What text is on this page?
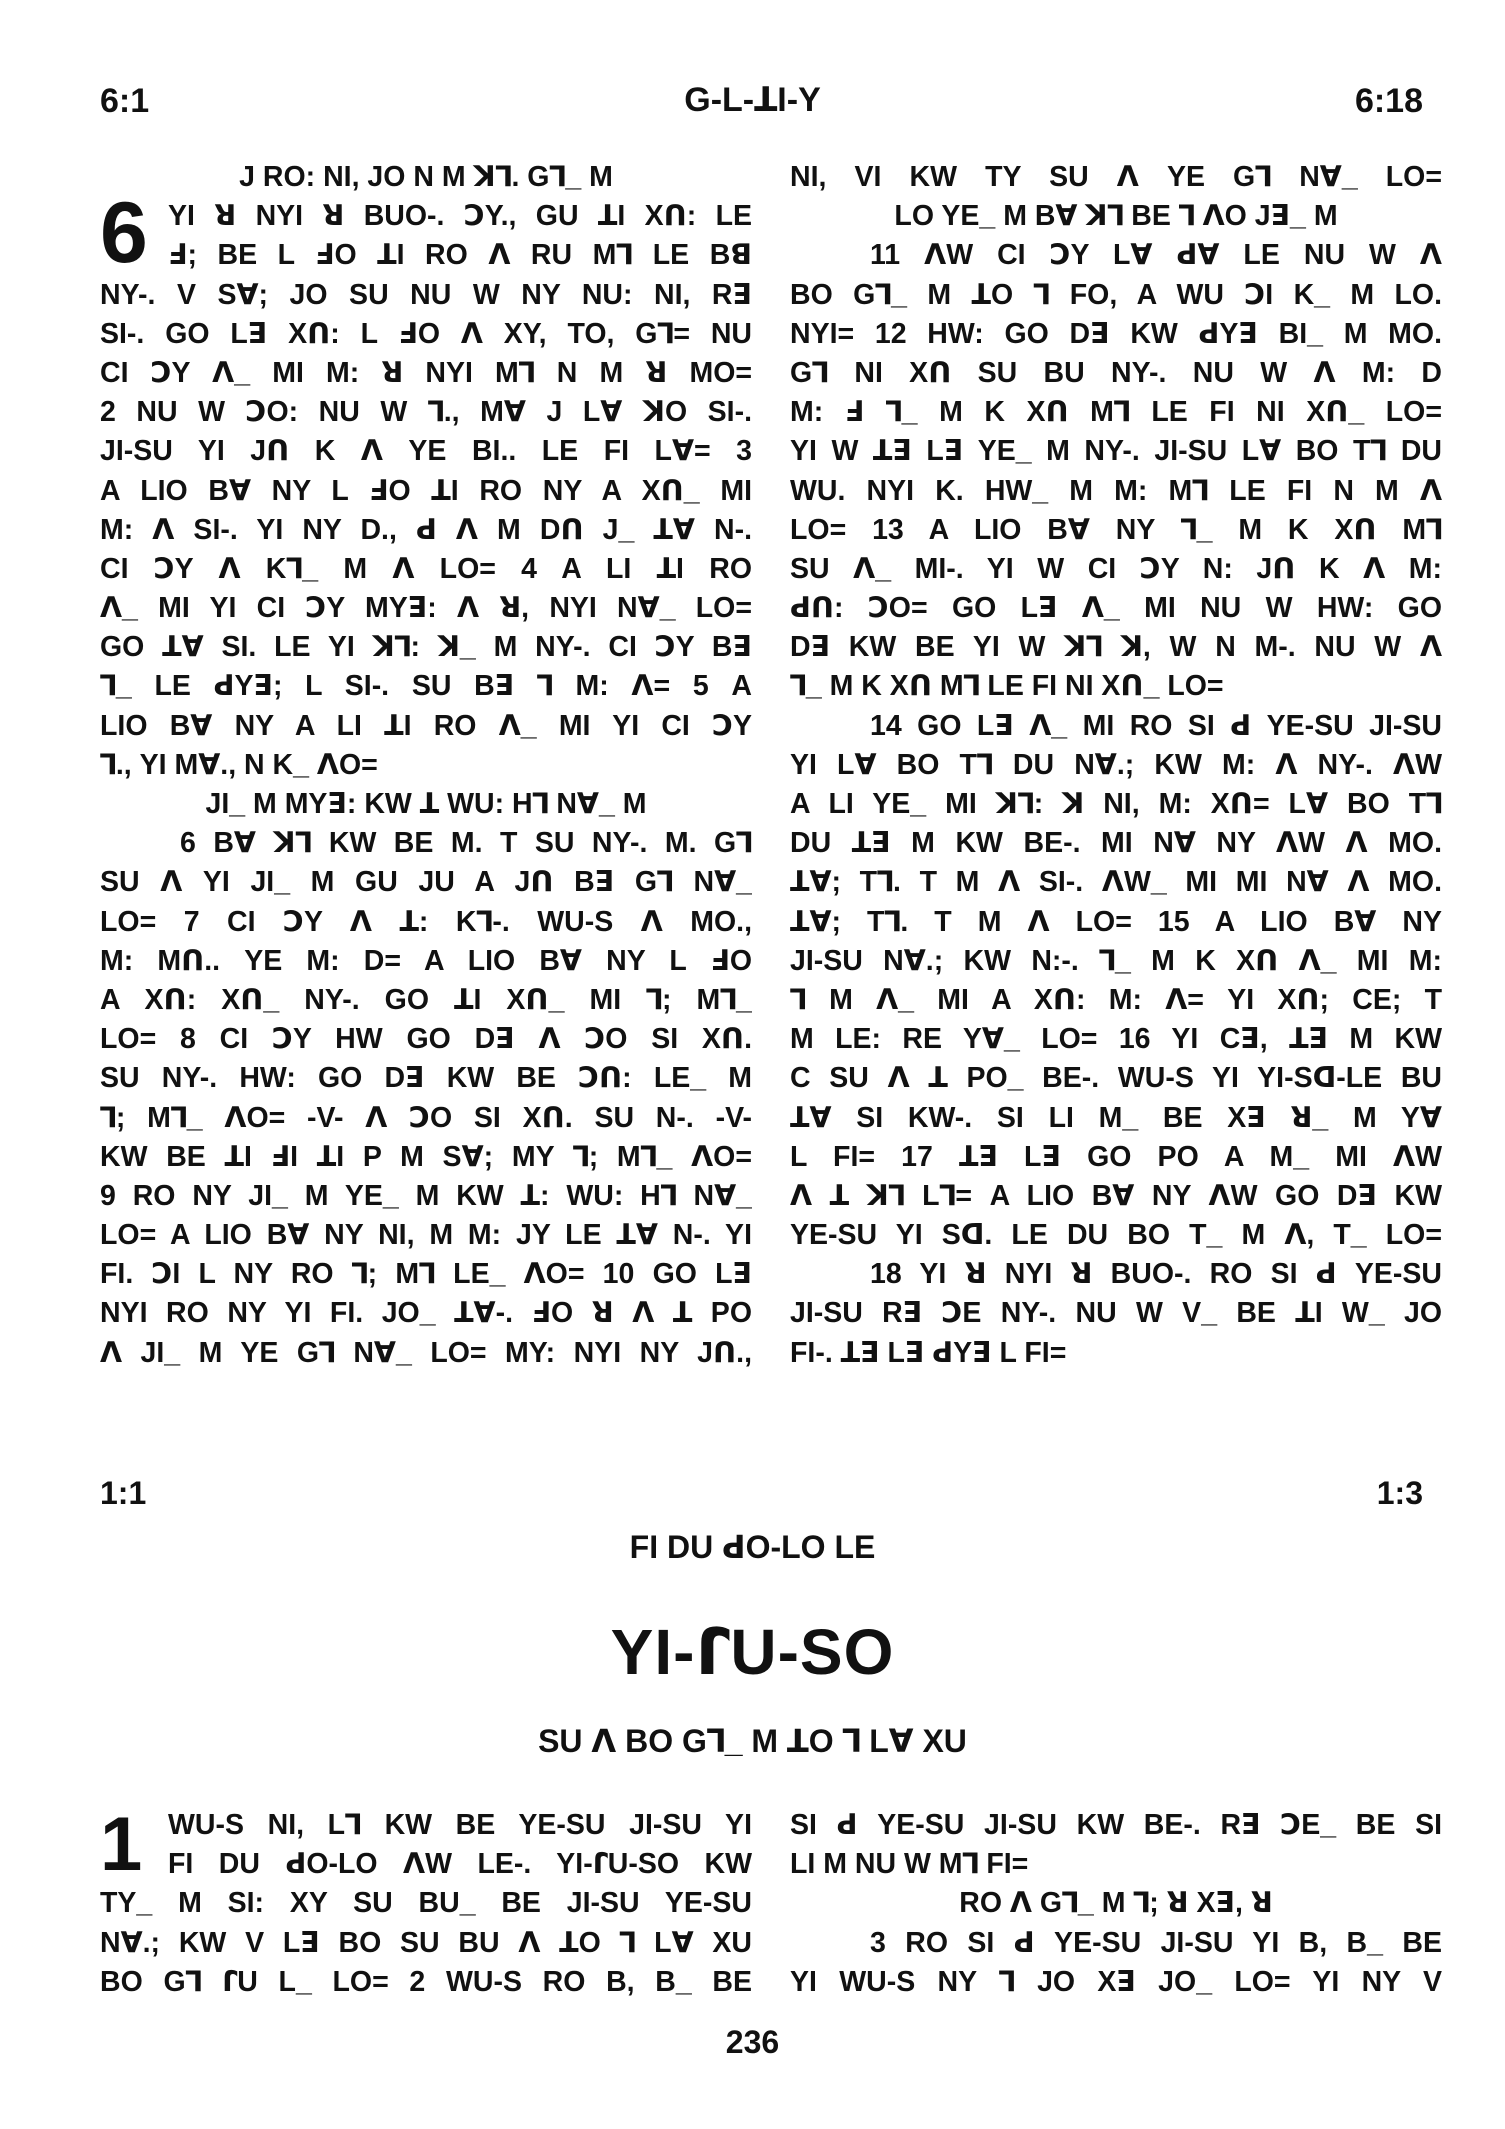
6:1	G-L-ꓕI-Y	6:18
6
J RO: NI, JO N M ꓘꓶ. Gꓶ_ M
YI ꓤ NYI ꓤ BUO-. ꓛY., GU ꓕI Xꓵ: LE
ꓞ; BE L ꓞO ꓕI RO ꓥ RU Mꓶ LE Bꓭ
NY-. V Sꓯ; JO SU NU W NY NU: NI, Rꓱ
SI-. GO Lꓱ Xꓵ: L ꓞO ꓥ XY, TO, Gꓶ= NU
CI ꓛY ꓥ_ MI M: ꓤ NYI Mꓶ N M ꓤ MO=
2 NU W ꓛO: NU W ꓶ., Mꓯ J Lꓯ ꓘO SI-.
JI-SU YI Jꓵ K ꓥ YE BI.. LE FI Lꓯ= 3
A LIO Bꓯ NY L ꓞO ꓕI RO NY A Xꓵ_ MI
M: ꓥ SI-. YI NY D., ꓒ ꓥ M Dꓵ J_ ꓕꓯ N-.
CI ꓛY ꓥ Kꓶ_ M ꓥ LO= 4 A LI ꓕI RO
ꓥ_ MI YI CI ꓛY MYꓱ: ꓥ ꓤ, NYI Nꓯ_ LO=
GO ꓕꓯ SI. LE YI ꓘꓶ: ꓘ_ M NY-. CI ꓛY Bꓱ
ꓶ_ LE ꓒYꓱ; L SI-. SU Bꓱ ꓶ M: ꓥ= 5 A
LIO Bꓯ NY A LI ꓕI RO ꓥ_ MI YI CI ꓛY
ꓶ., YI Mꓯ., N K_ ꓥO=
JI_ M MYꓱ: KW ꓕ WU: Hꓶ Nꓯ_ M
6 Bꓯ ꓘꓶ KW BE M. T SU NY-. M. Gꓶ
SU ꓥ YI JI_ M GU JU A Jꓵ Bꓱ Gꓶ Nꓯ_
LO= 7 CI ꓛY ꓥ ꓕ: Kꓶ-. WU-S ꓥ MO.,
M: Mꓵ.. YE M: D= A LIO Bꓯ NY L ꓞO
A Xꓵ: Xꓵ_ NY-. GO ꓕI Xꓵ_ MI ꓶ; Mꓶ_
LO= 8 CI ꓛY HW GO Dꓱ ꓥ ꓛO SI Xꓵ.
SU NY-. HW: GO Dꓱ KW BE ꓛꓵ: LE_ M
ꓶ; Mꓶ_ ꓥO= -V- ꓥ ꓛO SI Xꓵ. SU N-. -V-
KW BE ꓕI ꓞI ꓕI P M Sꓯ; MY ꓶ; Mꓶ_ ꓥO=
9 RO NY JI_ M YE_ M KW ꓕ: WU: Hꓶ Nꓯ_
LO= A LIO Bꓯ NY NI, M M: JY LE ꓕꓯ N-. YI
FI. ꓛI L NY RO ꓶ; Mꓶ LE_ ꓥO= 10 GO Lꓱ
NYI RO NY YI FI. JO_ ꓕꓯ-. ꓞO ꓤ ꓥ ꓕ PO
ꓥ JI_ M YE Gꓶ Nꓯ_ LO= MY: NYI NY Jꓵ.,
NI, VI KW TY SU ꓥ YE Gꓶ Nꓯ_ LO=
LO YE_ M Bꓯ ꓘꓶ BE ꓶ ꓥO Jꓱ_ M
11 ꓥW CI ꓛY Lꓯ ꓒꓯ LE NU W ꓥ
BO Gꓶ_ M ꓕO ꓶ FO, A WU ꓛI K_ M LO.
NYI= 12 HW: GO Dꓱ KW ꓒYꓱ BI_ M MO.
Gꓶ NI Xꓵ SU BU NY-. NU W ꓥ M: D
M: ꓞ ꓶ_ M K Xꓵ Mꓶ LE FI NI Xꓵ_ LO=
YI W ꓕꓱ Lꓱ YE_ M NY-. JI-SU Lꓯ BO Tꓶ DU
WU. NYI K. HW_ M M: Mꓶ LE FI N M ꓥ
LO= 13 A LIO Bꓯ NY ꓶ_ M K Xꓵ Mꓶ
SU ꓥ_ MI-. YI W CI ꓛY N: Jꓵ K ꓥ M:
ꓒꓵ: ꓛO= GO Lꓱ ꓥ_ MI NU W HW: GO
Dꓱ KW BE YI W ꓘꓶ ꓘ, W N M-. NU W ꓥ
ꓶ_ M K Xꓵ Mꓶ LE FI NI Xꓵ_ LO=
14 GO Lꓱ ꓥ_ MI RO SI ꓒ YE-SU JI-SU
YI Lꓯ BO Tꓶ DU Nꓯ.; KW M: ꓥ NY-. ꓥW
A LI YE_ MI ꓘꓶ: ꓘ NI, M: Xꓵ= Lꓯ BO Tꓶ
DU ꓕꓱ M KW BE-. MI Nꓯ NY ꓥW ꓥ MO.
ꓕꓯ; Tꓶ. T M ꓥ SI-. ꓥW_ MI MI Nꓯ ꓥ MO.
ꓕꓯ; Tꓶ. T M ꓥ LO= 15 A LIO Bꓯ NY
JI-SU Nꓯ.; KW N:-. ꓶ_ M K Xꓵ ꓥ_ MI M:
ꓶ M ꓥ_ MI A Xꓵ: M: ꓥ= YI Xꓵ; CE; T
M LE: RE Yꓯ_ LO= 16 YI Cꓱ, ꓕꓱ M KW
C SU ꓥ ꓕ PO_ BE-. WU-S YI YI-Sꓷ-LE BU
ꓕꓯ SI KW-. SI LI M_ BE Xꓱ ꓤ_ M Yꓯ
L FI= 17 ꓕꓱ Lꓱ GO PO A M_ MI ꓥW
ꓥ ꓕ ꓘꓶ Lꓶ= A LIO Bꓯ NY ꓥW GO Dꓱ KW
YE-SU YI Sꓷ. LE DU BO T_ M ꓥ, T_ LO=
18 YI ꓤ NYI ꓤ BUO-. RO SI ꓒ YE-SU
JI-SU Rꓱ ꓛE NY-. NU W V_ BE ꓕI W_ JO
FI-. ꓕꓱ Lꓱ ꓒYꓱ L FI=
1:1	1:3
FI DU ꓒO-LO LE
YI-ꓩU-SO
SU ꓥ BO Gꓶ_ M ꓕO ꓶ Lꓯ XU
1 WU-S NI, Lꓶ KW BE YE-SU JI-SU YI
FI DU ꓒO-LO ꓥW LE-. YI-ꓩU-SO KW
TY_ M SI: XY SU BU_ BE JI-SU YE-SU
Nꓯ.; KW V Lꓱ BO SU BU ꓥ ꓕO ꓶ Lꓯ XU
BO Gꓶ ꓩU L_ LO= 2 WU-S RO B, B_ BE
SI ꓒ YE-SU JI-SU KW BE-. Rꓱ ꓛE_ BE SI
LI M NU W Mꓶ FI=
RO ꓥ Gꓶ_ M ꓶ; ꓤ Xꓱ, ꓤ
3 RO SI ꓒ YE-SU JI-SU YI B, B_ BE
YI WU-S NY ꓶ JO Xꓱ JO_ LO= YI NY V
236
